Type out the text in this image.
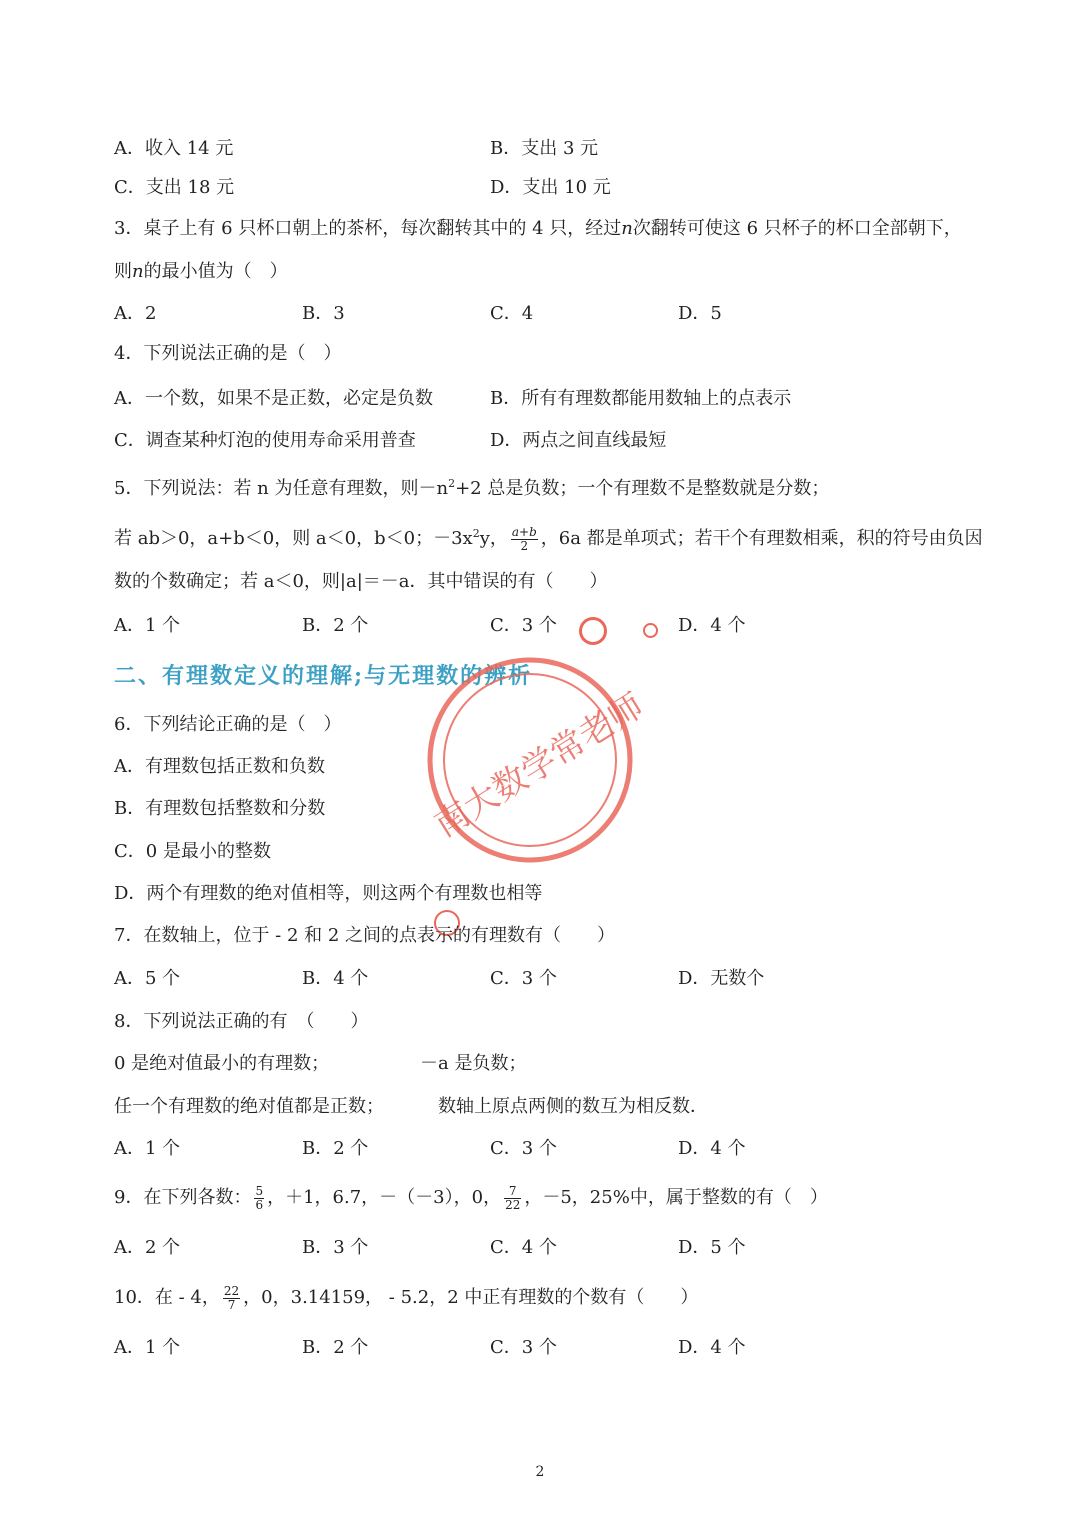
A．收入 14 元	B．支出 3 元
C．支出 18 元	D．支出 10 元
3．桌子上有 6 只杯口朝上的茶杯，每次翻转其中的 4 只，经过n次翻转可使这 6 只杯子的杯口全部朝下，
则n的最小值为（　）
A．2	B．3	C．4	D．5
4．下列说法正确的是（　）
A．一个数，如果不是正数，必定是负数	B．所有有理数都能用数轴上的点表示
C．调查某种灯泡的使用寿命采用普查	D．两点之间直线最短
5．下列说法：若 n 为任意有理数，则$-n^2+2$ 总是负数；一个有理数不是整数就是分数；
若 ab＞0，a+b＜0，则 a＜0，b＜0；$-3x^2y$， $\frac{a+b}{2}$ ，6a 都是单项式；若干个有理数相乘，积的符号由负因
数的个数确定；若 a＜0，则|a|＝－a．其中错误的有（　　）
A．1 个	B．2 个	C．3 个	D．4 个
二、有理数定义的理解;与无理数的辨析
南大数学常老师
6．下列结论正确的是（　）
A．有理数包括正数和负数
B．有理数包括整数和分数
C．0 是最小的整数
D．两个有理数的绝对值相等，则这两个有理数也相等
7．在数轴上，位于 - 2 和 2 之间的点表示的有理数有（　　）
A．5 个	B．4 个	C．3 个	D．无数个
8．下列说法正确的有　（　　）
0 是绝对值最小的有理数；	－a 是负数；
任一个有理数的绝对值都是正数；	数轴上原点两侧的数互为相反数．
A．1 个	B．2 个	C．3 个	D．4 个
9．在下列各数： $\frac{5}{6}$ ，＋1，6.7，－（－3），0， $\frac{7}{22}$ ，－5，25%中，属于整数的有（　）
A．2 个	B．3 个	C．4 个	D．5 个
10．在 - 4， $\frac{22}{7}$ ，0，3.14159， - 5.2，2 中正有理数的个数有（　　）
A．1 个	B．2 个	C．3 个	D．4 个
2
